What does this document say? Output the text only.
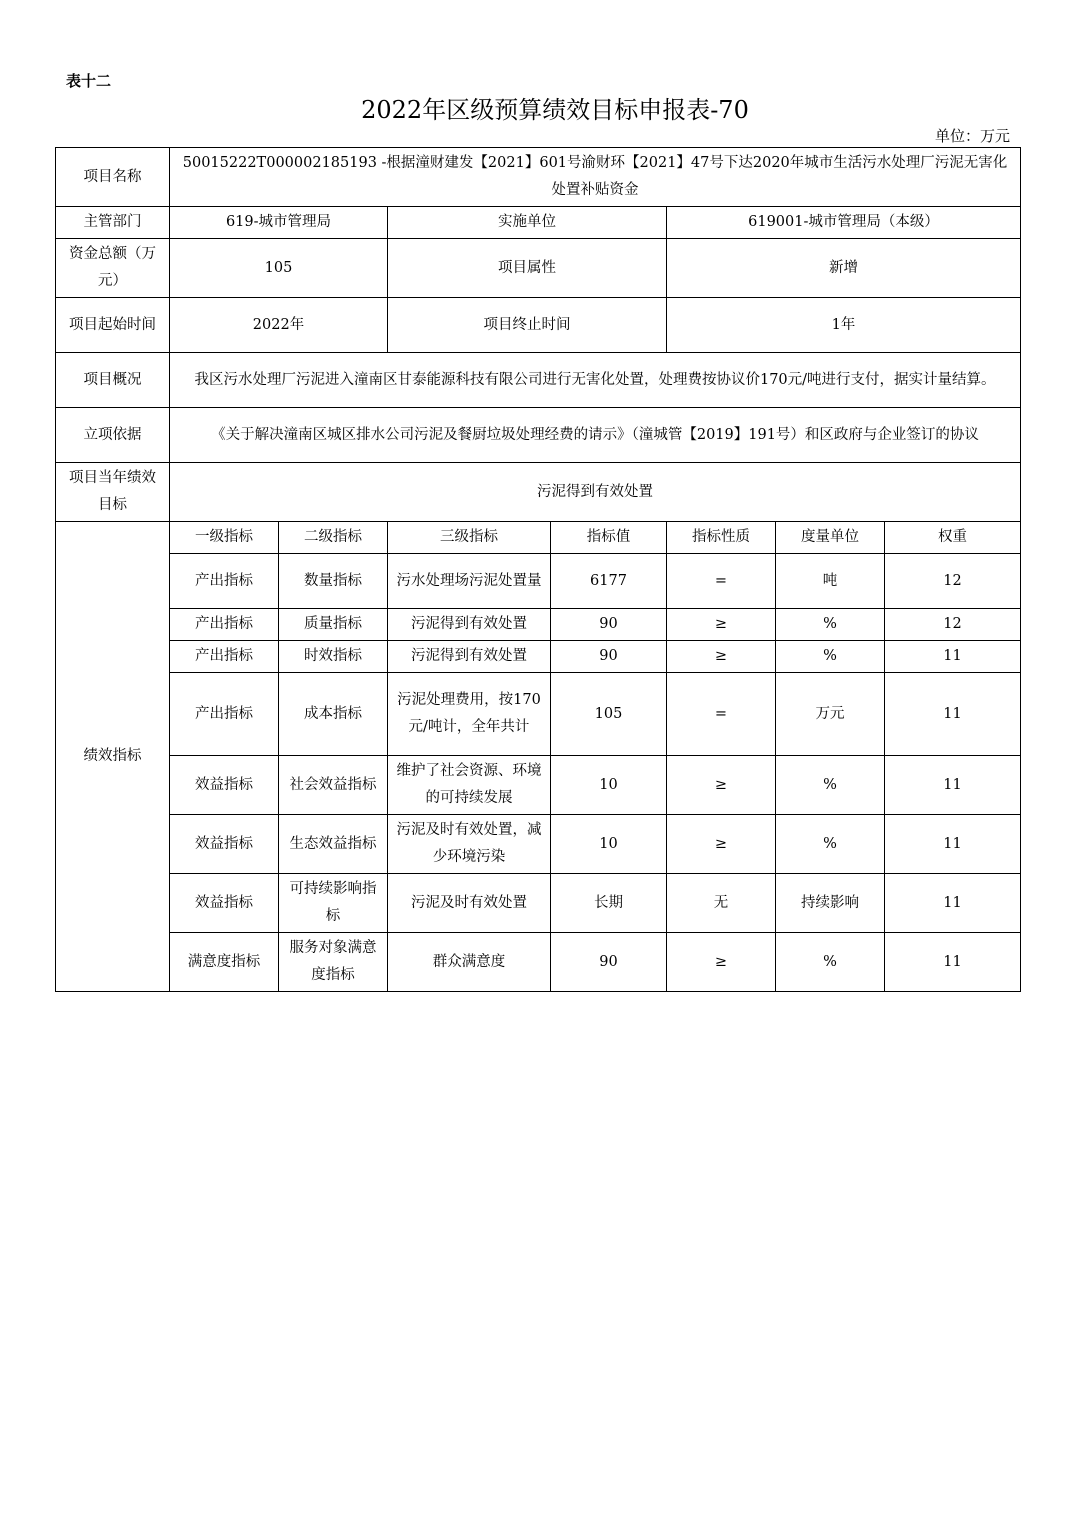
表十二
2022年区级预算绩效目标申报表-70
单位：万元
项目名称	50015222T000002185193 -根据潼财建发【2021】601号渝财环【2021】47号下达2020年城市生活污水处理厂污泥无害化处置补贴资金						
主管部门	619-城市管理局		实施单位		619001-城市管理局（本级）		
资金总额（万元）	105		项目属性		新增		
项目起始时间	2022年		项目终止时间		1年		
项目概况	我区污水处理厂污泥进入潼南区甘泰能源科技有限公司进行无害化处置，处理费按协议价170元/吨进行支付，据实计量结算。						
立项依据	《关于解决潼南区城区排水公司污泥及餐厨垃圾处理经费的请示》（潼城管【2019】191号）和区政府与企业签订的协议						
项目当年绩效目标	污泥得到有效处置						
绩效指标	一级指标	二级指标	三级指标	指标值	指标性质	度量单位	权重
	产出指标	数量指标	污水处理场污泥处置量	6177	=	吨	12
	产出指标	质量指标	污泥得到有效处置	90	≥	%	12
	产出指标	时效指标	污泥得到有效处置	90	≥	%	11
	产出指标	成本指标	污泥处理费用，按170元/吨计，全年共计	105	=	万元	11
	效益指标	社会效益指标	维护了社会资源、环境的可持续发展	10	≥	%	11
	效益指标	生态效益指标	污泥及时有效处置，减少环境污染	10	≥	%	11
	效益指标	可持续影响指标	污泥及时有效处置	长期	无	持续影响	11
	满意度指标	服务对象满意度指标	群众满意度	90	≥	%	11
